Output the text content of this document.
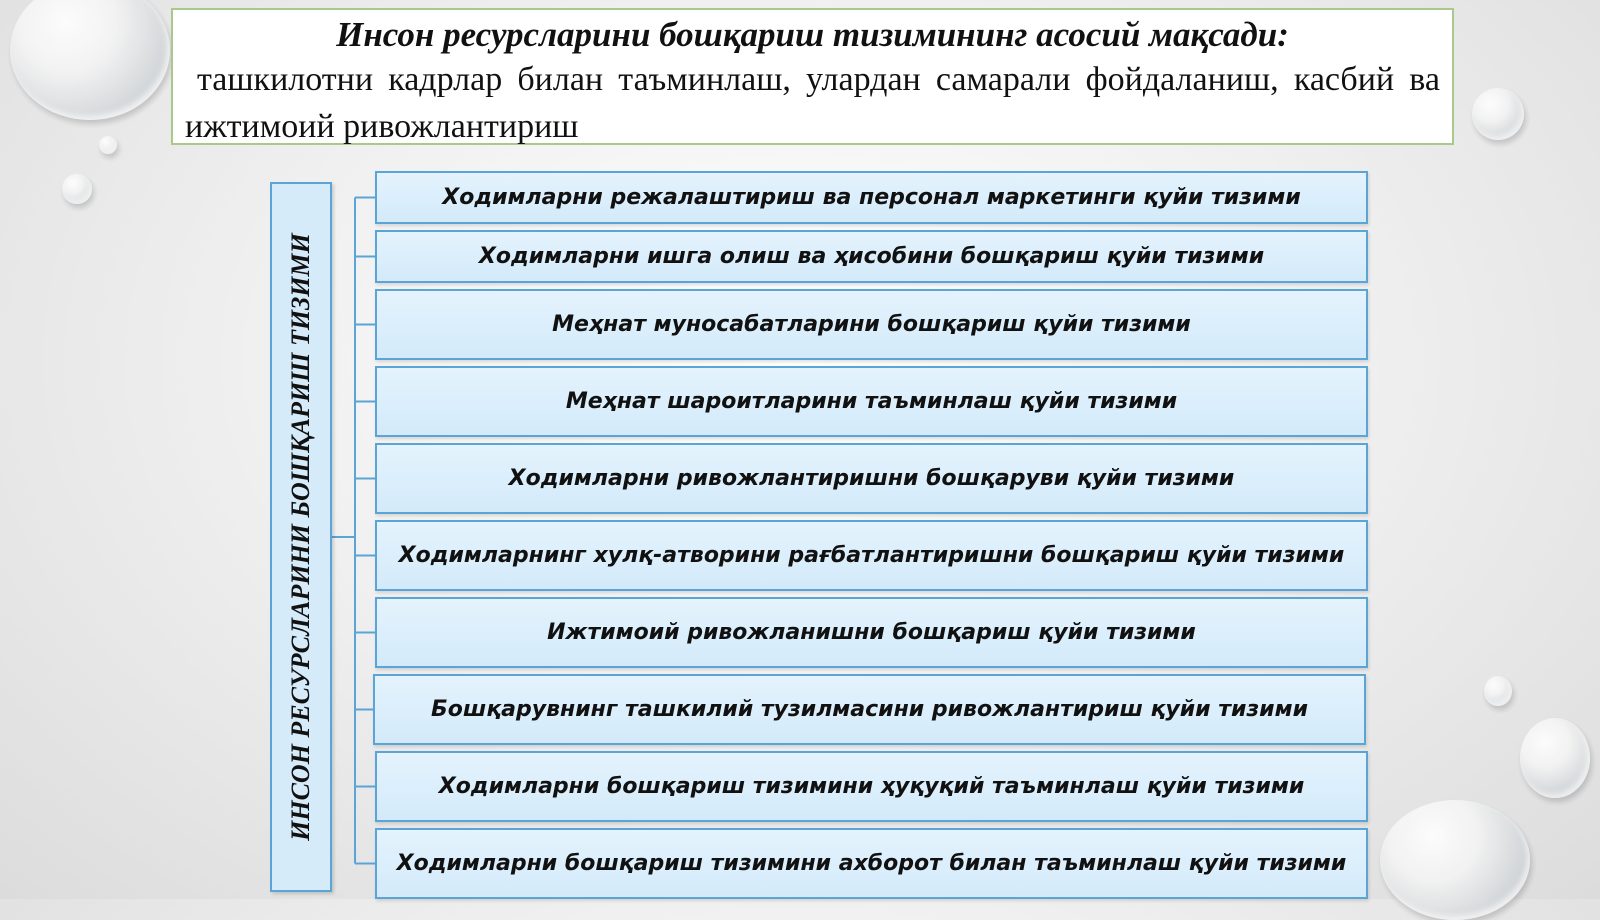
Инсон ресурсларини бошқариш тизимининг асосий мақсади:

ташкилотни кадрлар билан таъминлаш, улардан самарали фойдаланиш, касбий ва ижтимоий ривожлантириш

ИНСОН РЕСУРСЛАРИНИ БОШҚАРИШ ТИЗИМИ
Ходимларни режалаштириш ва персонал маркетинги қуйи тизими
Ходимларни ишга олиш ва ҳисобини бошқариш қуйи тизими
Меҳнат муносабатларини бошқариш қуйи тизими
Меҳнат шароитларини таъминлаш қуйи тизими
Ходимларни ривожлантиришни бошқаруви қуйи тизими
Ходимларнинг хулқ-атворини рағбатлантиришни бошқариш қуйи тизими
Ижтимоий ривожланишни бошқариш қуйи тизими
Бошқарувнинг ташкилий тузилмасини ривожлантириш қуйи тизими
Ходимларни бошқариш тизимини ҳуқуқий таъминлаш қуйи тизими
Ходимларни бошқариш тизимини ахборот билан таъминлаш қуйи тизими
